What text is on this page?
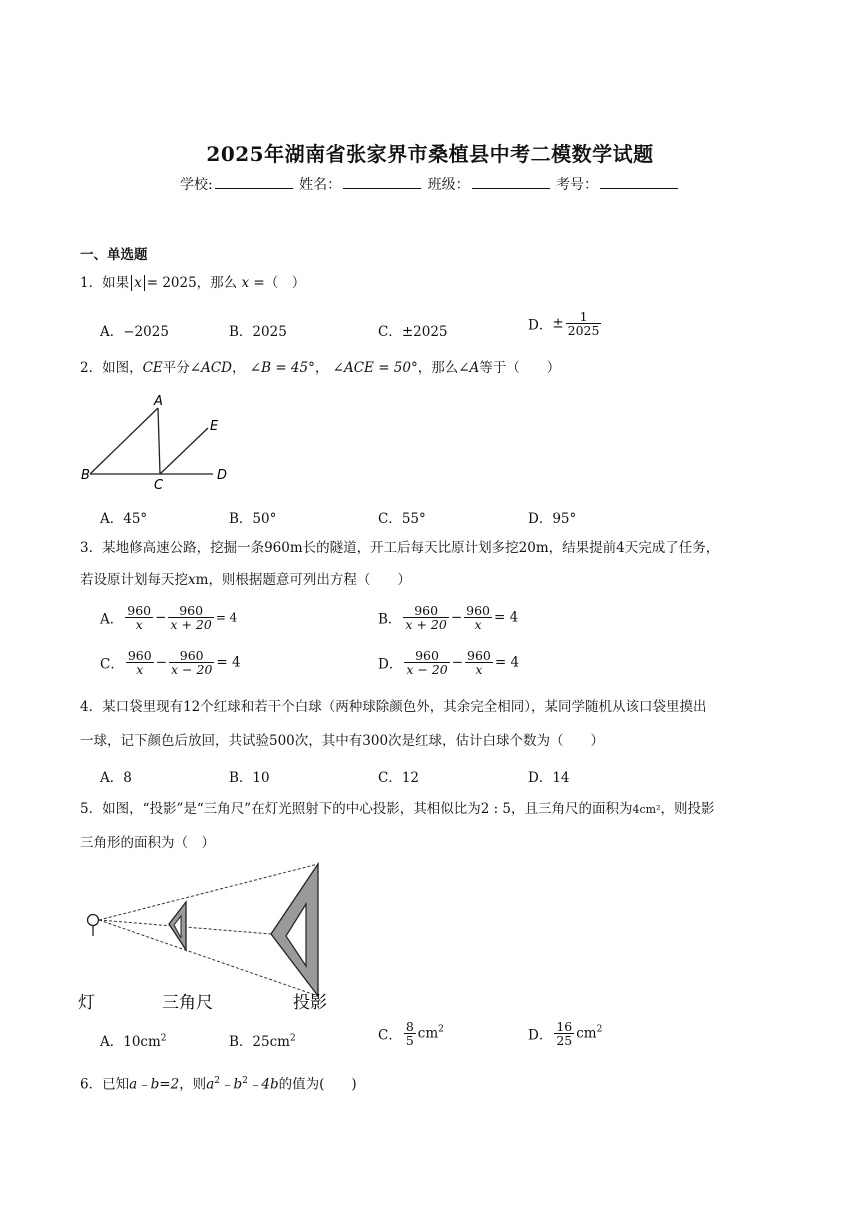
2025年湖南省张家界市桑植县中考二模数学试题
学校:	姓名：	班级：	考号：
一、单选题
1．如果 x = 2025，那么 x =（　）
A．−2025	B．2025	C．±2025	D．± $\frac{1}{2025}$
2．如图，CE平分∠ACD， ∠B = 45°， ∠ACE = 50°，那么∠A等于（　　）
A
B
C
D
E
A．45°	B．50°	C．55°	D．95°
3．某地修高速公路，挖掘一条960m长的隧道，开工后每天比原计划多挖20m，结果提前4天完成了任务，
若设原计划每天挖xm，则根据题意可列出方程（　　）
A． $\frac{960}{x} - \frac{960}{x + 20} = 4$	B． $\frac{960}{x + 20} - \frac{960}{x} = 4$
C． $\frac{960}{x} - \frac{960}{x - 20} = 4$	D． $\frac{960}{x - 20} - \frac{960}{x} = 4$
4．某口袋里现有12个红球和若干个白球（两种球除颜色外，其余完全相同），某同学随机从该口袋里摸出
一球，记下颜色后放回，共试验500次，其中有300次是红球，估计白球个数为（　　）
A．8	B．10	C．12	D．14
5．如图，“投影”是“三角尺”在灯光照射下的中心投影，其相似比为2 : 5，且三角尺的面积为4cm²，则投影
三角形的面积为（　）
灯	三角尺	投影
A．$10cm^2$	B．$25cm^2$	C． $\frac{8}{5} cm^2$	D． $\frac{16}{25} cm^2$
6．已知a﹣b=2，则$a^2﹣b^2﹣4b$的值为(　　)
